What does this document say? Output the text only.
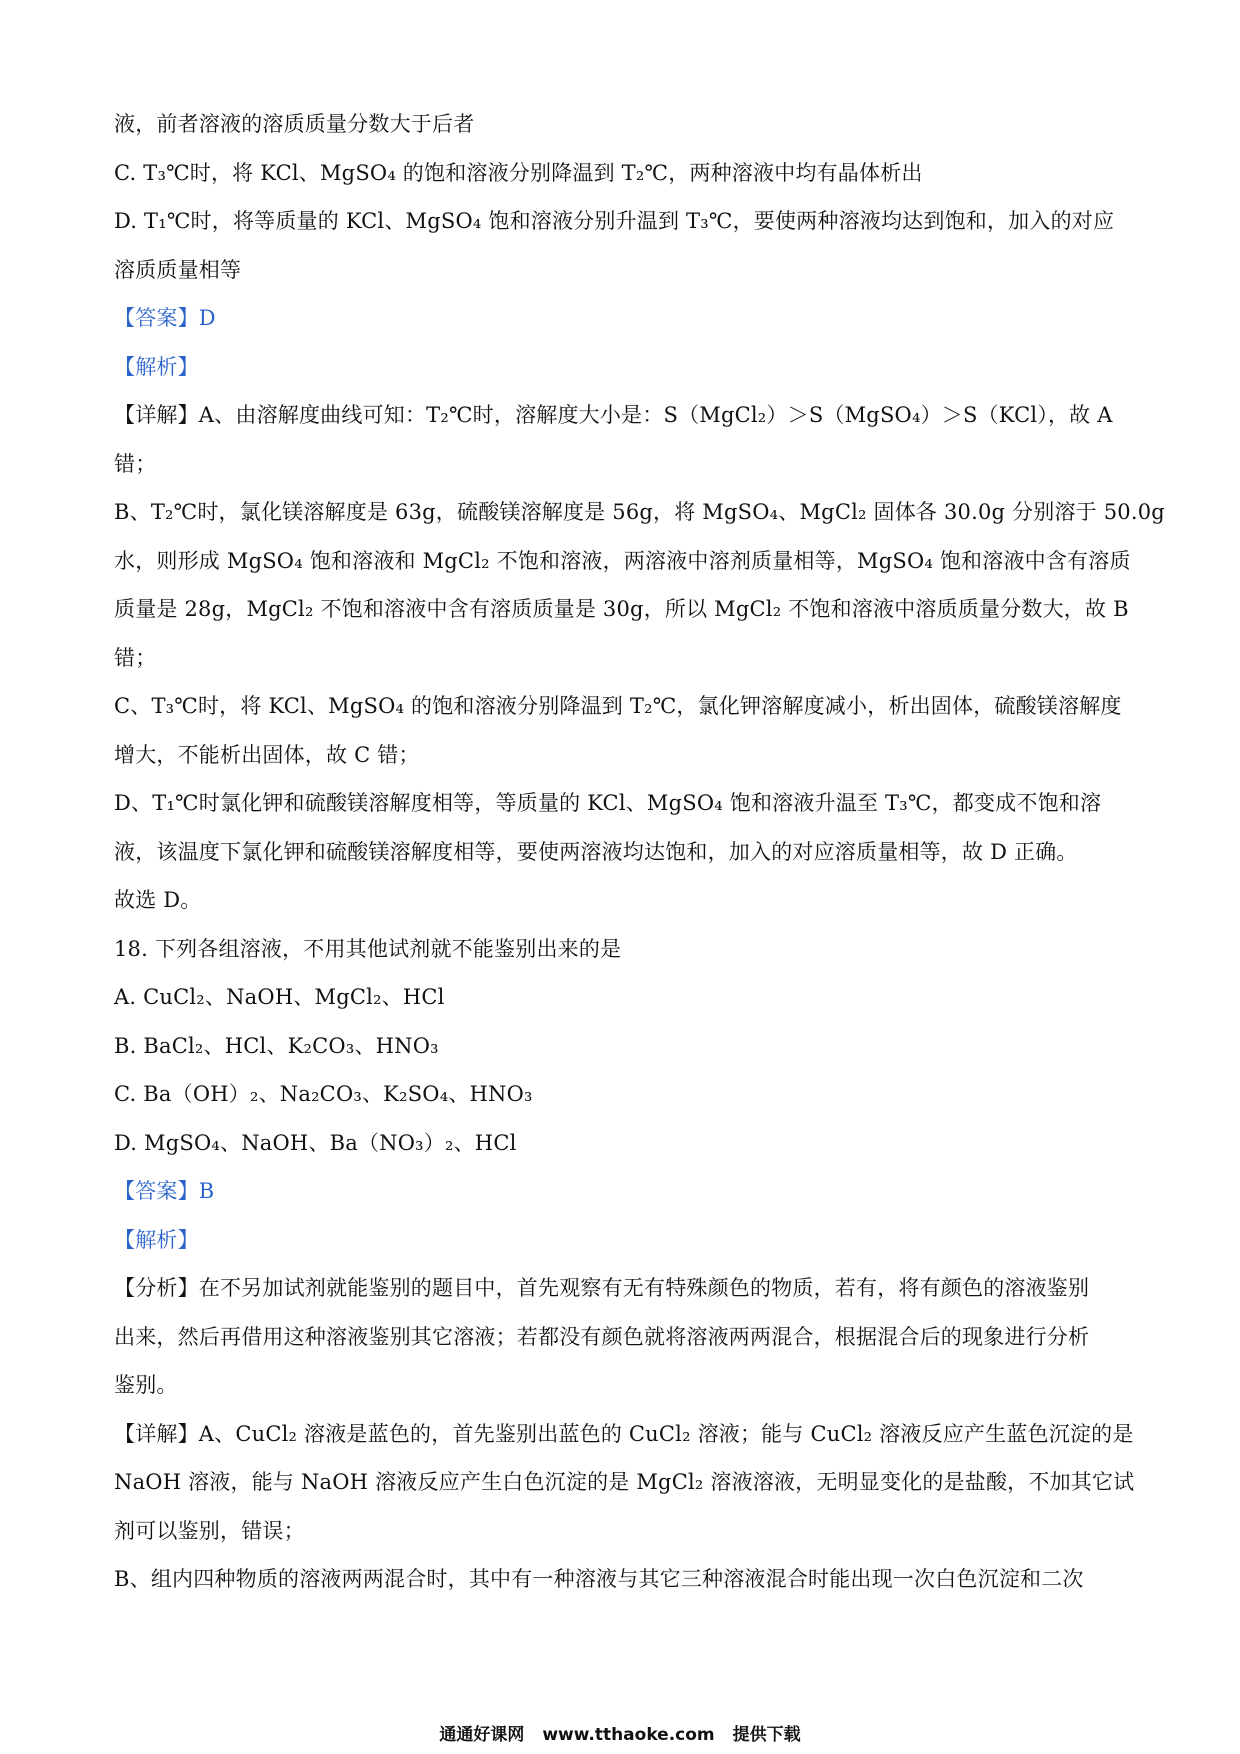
液，前者溶液的溶质质量分数大于后者
C. T₃℃时，将 KCl、MgSO₄ 的饱和溶液分别降温到 T₂℃，两种溶液中均有晶体析出
D. T₁℃时，将等质量的 KCl、MgSO₄ 饱和溶液分别升温到 T₃℃，要使两种溶液均达到饱和，加入的对应
溶质质量相等
【答案】D
【解析】
【详解】A、由溶解度曲线可知：T₂℃时，溶解度大小是：S（MgCl₂）＞S（MgSO₄）＞S（KCl），故 A
错；
B、T₂℃时，氯化镁溶解度是 63g，硫酸镁溶解度是 56g，将 MgSO₄、MgCl₂ 固体各 30.0g 分别溶于 50.0g
水，则形成 MgSO₄ 饱和溶液和 MgCl₂ 不饱和溶液，两溶液中溶剂质量相等，MgSO₄ 饱和溶液中含有溶质
质量是 28g，MgCl₂ 不饱和溶液中含有溶质质量是 30g，所以 MgCl₂ 不饱和溶液中溶质质量分数大，故 B
错；
C、T₃℃时，将 KCl、MgSO₄ 的饱和溶液分别降温到 T₂℃，氯化钾溶解度减小，析出固体，硫酸镁溶解度
增大，不能析出固体，故 C 错；
D、T₁℃时氯化钾和硫酸镁溶解度相等，等质量的 KCl、MgSO₄ 饱和溶液升温至 T₃℃，都变成不饱和溶
液，该温度下氯化钾和硫酸镁溶解度相等，要使两溶液均达饱和，加入的对应溶质量相等，故 D 正确。
故选 D。
18. 下列各组溶液，不用其他试剂就不能鉴别出来的是
A. CuCl₂、NaOH、MgCl₂、HCl
B. BaCl₂、HCl、K₂CO₃、HNO₃
C. Ba（OH）₂、Na₂CO₃、K₂SO₄、HNO₃
D. MgSO₄、NaOH、Ba（NO₃）₂、HCl
【答案】B
【解析】
【分析】在不另加试剂就能鉴别的题目中，首先观察有无有特殊颜色的物质，若有，将有颜色的溶液鉴别
出来，然后再借用这种溶液鉴别其它溶液；若都没有颜色就将溶液两两混合，根据混合后的现象进行分析
鉴别。
【详解】A、CuCl₂ 溶液是蓝色的，首先鉴别出蓝色的 CuCl₂ 溶液；能与 CuCl₂ 溶液反应产生蓝色沉淀的是
NaOH 溶液，能与 NaOH 溶液反应产生白色沉淀的是 MgCl₂ 溶液溶液，无明显变化的是盐酸，不加其它试
剂可以鉴别，错误；
B、组内四种物质的溶液两两混合时，其中有一种溶液与其它三种溶液混合时能出现一次白色沉淀和二次
通通好课网 www.tthaoke.com 提供下载
